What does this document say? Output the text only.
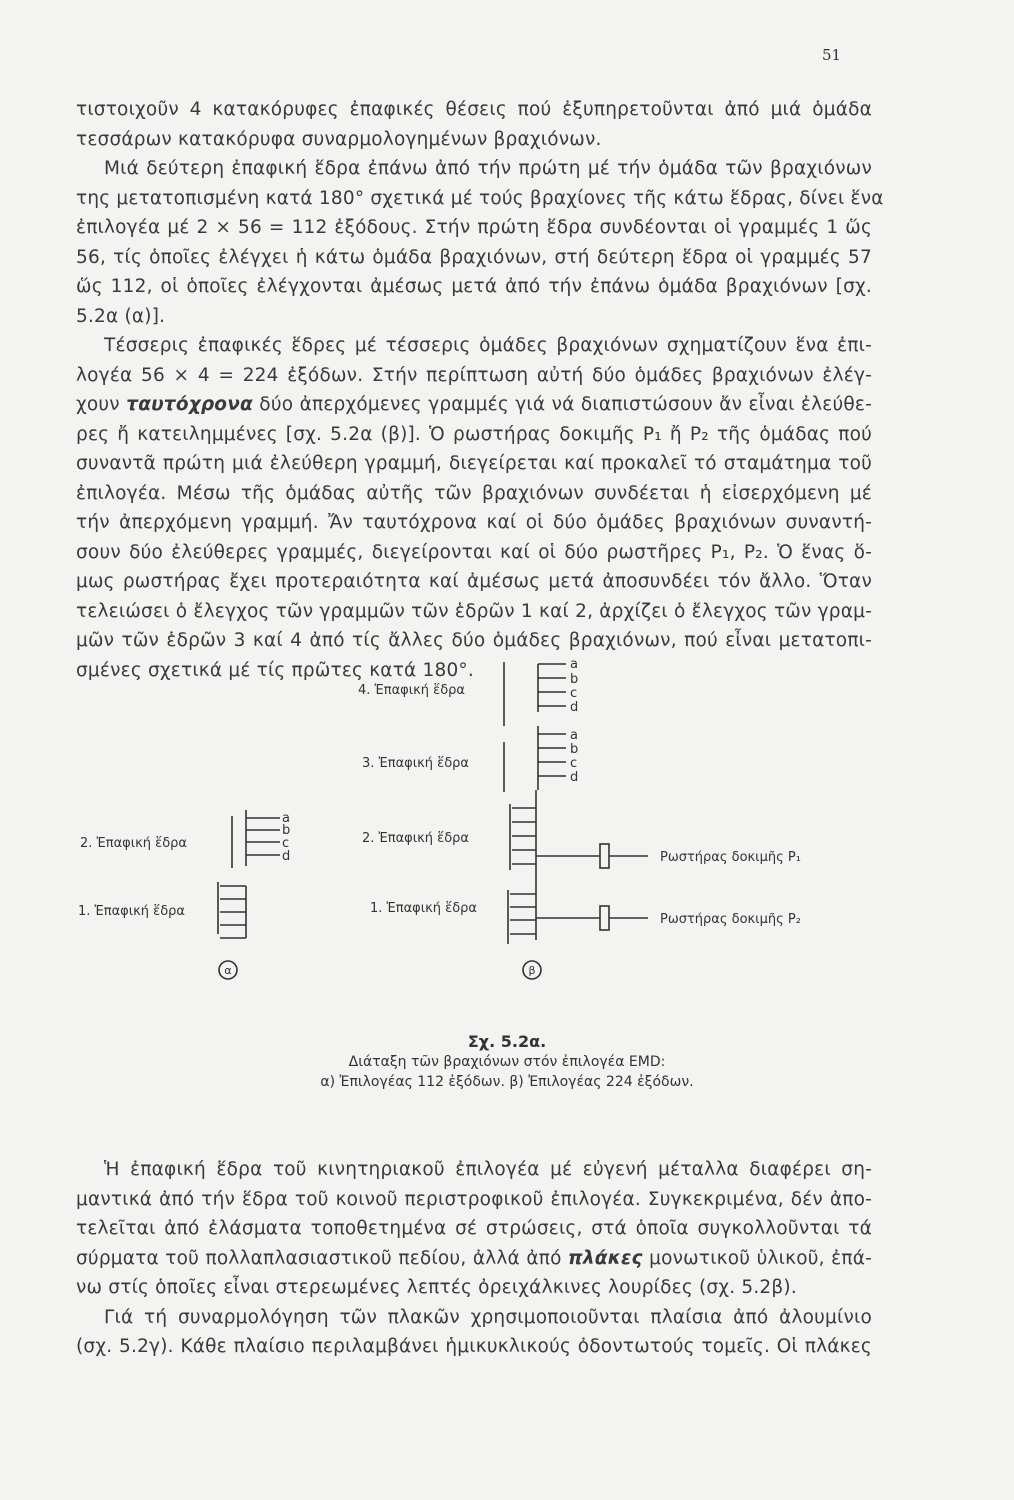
51
τιστοιχοῦν 4 κατακόρυφες ἐπαφικές θέσεις πού ἐξυπηρετοῦνται ἀπό μιά ὁμάδα
τεσσάρων κατακόρυφα συναρμολογημένων βραχιόνων.
Μιά δεύτερη ἐπαφική ἕδρα ἐπάνω ἀπό τήν πρώτη μέ τήν ὁμάδα τῶν βραχιόνων
της μετατοπισμένη κατά 180° σχετικά μέ τούς βραχίονες τῆς κάτω ἕδρας, δίνει ἕνα
ἐπιλογέα μέ 2 × 56 = 112 ἐξόδους. Στήν πρώτη ἕδρα συνδέονται οἱ γραμμές 1 ὥς
56, τίς ὁποῖες ἐλέγχει ἡ κάτω ὁμάδα βραχιόνων, στή δεύτερη ἕδρα οἱ γραμμές 57
ὥς 112, οἱ ὁποῖες ἐλέγχονται ἀμέσως μετά ἀπό τήν ἐπάνω ὁμάδα βραχιόνων [σχ.
5.2α (α)].
Τέσσερις ἐπαφικές ἕδρες μέ τέσσερις ὁμάδες βραχιόνων σχηματίζουν ἕνα ἐπι-
λογέα 56 × 4 = 224 ἐξόδων. Στήν περίπτωση αὐτή δύο ὁμάδες βραχιόνων ἐλέγ-
χουν ταυτόχρονα δύο ἀπερχόμενες γραμμές γιά νά διαπιστώσουν ἄν εἶναι ἐλεύθε-
ρες ἤ κατειλημμένες [σχ. 5.2α (β)]. Ὁ ρωστήρας δοκιμῆς P₁ ἤ P₂ τῆς ὁμάδας πού
συναντᾶ πρώτη μιά ἐλεύθερη γραμμή, διεγείρεται καί προκαλεῖ τό σταμάτημα τοῦ
ἐπιλογέα. Μέσω τῆς ὁμάδας αὐτῆς τῶν βραχιόνων συνδέεται ἡ εἰσερχόμενη μέ
τήν ἀπερχόμενη γραμμή. Ἄν ταυτόχρονα καί οἱ δύο ὁμάδες βραχιόνων συναντή-
σουν δύο ἐλεύθερες γραμμές, διεγείρονται καί οἱ δύο ρωστῆρες P₁, P₂. Ὁ ἕνας ὅ-
μως ρωστήρας ἔχει προτεραιότητα καί ἀμέσως μετά ἀποσυνδέει τόν ἄλλο. Ὅταν
τελειώσει ὁ ἔλεγχος τῶν γραμμῶν τῶν ἑδρῶν 1 καί 2, ἀρχίζει ὁ ἔλεγχος τῶν γραμ-
μῶν τῶν ἑδρῶν 3 καί 4 ἀπό τίς ἄλλες δύο ὁμάδες βραχιόνων, πού εἶναι μετατοπι-
σμένες σχετικά μέ τίς πρῶτες κατά 180°.
2. Ἐπαφική ἕδρα
1. Ἐπαφική ἕδρα
a
b
c
d
α
4. Ἐπαφική ἕδρα
3. Ἐπαφική ἕδρα
2. Ἐπαφική ἕδρα
1. Ἐπαφική ἕδρα
a
b
c
d
a
b
c
d
Ρωστήρας δοκιμῆς P₁
Ρωστήρας δοκιμῆς P₂
β
Σχ. 5.2α.
Διάταξη τῶν βραχιόνων στόν ἐπιλογέα EMD:
α) Ἐπιλογέας 112 ἐξόδων. β) Ἐπιλογέας 224 ἐξόδων.
Ἡ ἐπαφική ἕδρα τοῦ κινητηριακοῦ ἐπιλογέα μέ εὐγενή μέταλλα διαφέρει ση-
μαντικά ἀπό τήν ἕδρα τοῦ κοινοῦ περιστροφικοῦ ἐπιλογέα. Συγκεκριμένα, δέν ἀπο-
τελεῖται ἀπό ἐλάσματα τοποθετημένα σέ στρώσεις, στά ὁποῖα συγκολλοῦνται τά
σύρματα τοῦ πολλαπλασιαστικοῦ πεδίου, ἀλλά ἀπό πλάκες μονωτικοῦ ὑλικοῦ, ἐπά-
νω στίς ὁποῖες εἶναι στερεωμένες λεπτές ὀρειχάλκινες λουρίδες (σχ. 5.2β).
Γιά τή συναρμολόγηση τῶν πλακῶν χρησιμοποιοῦνται πλαίσια ἀπό ἀλουμίνιο
(σχ. 5.2γ). Κάθε πλαίσιο περιλαμβάνει ἡμικυκλικούς ὀδοντωτούς τομεῖς. Οἱ πλάκες
